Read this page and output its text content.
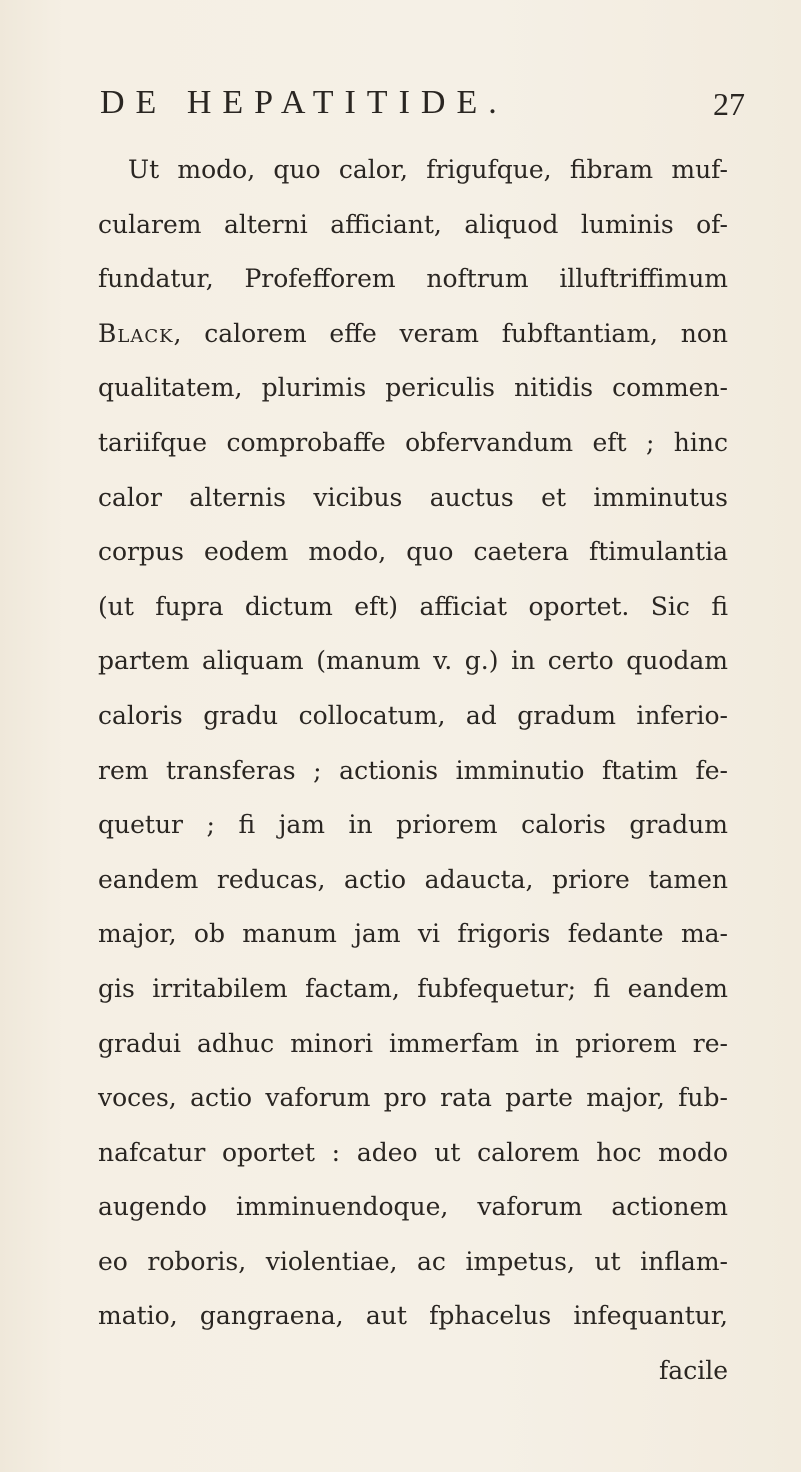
DE HEPATITIDE.	27
Ut modo, quo calor, frigufque, fibram muf-
cularem alterni afficiant, aliquod luminis of-
fundatur, Profefforem noftrum illuftriffimum
Black, calorem effe veram fubftantiam, non
qualitatem, plurimis periculis nitidis commen-
tariifque comprobaffe obfervandum eft ; hinc
calor alternis vicibus auctus et imminutus
corpus eodem modo, quo caetera ftimulantia
(ut fupra dictum eft) afficiat oportet. Sic fi
partem aliquam (manum v. g.) in certo quodam
caloris gradu collocatum, ad gradum inferio-
rem transferas ; actionis imminutio ftatim fe-
quetur ; fi jam in priorem caloris gradum
eandem reducas, actio adaucta, priore tamen
major, ob manum jam vi frigoris fedante ma-
gis irritabilem factam, fubfequetur; fi eandem
gradui adhuc minori immerfam in priorem re-
voces, actio vaforum pro rata parte major, fub-
nafcatur oportet : adeo ut calorem hoc modo
augendo imminuendoque, vaforum actionem
eo roboris, violentiae, ac impetus, ut inflam-
matio, gangraena, aut fphacelus infequantur,
facile
